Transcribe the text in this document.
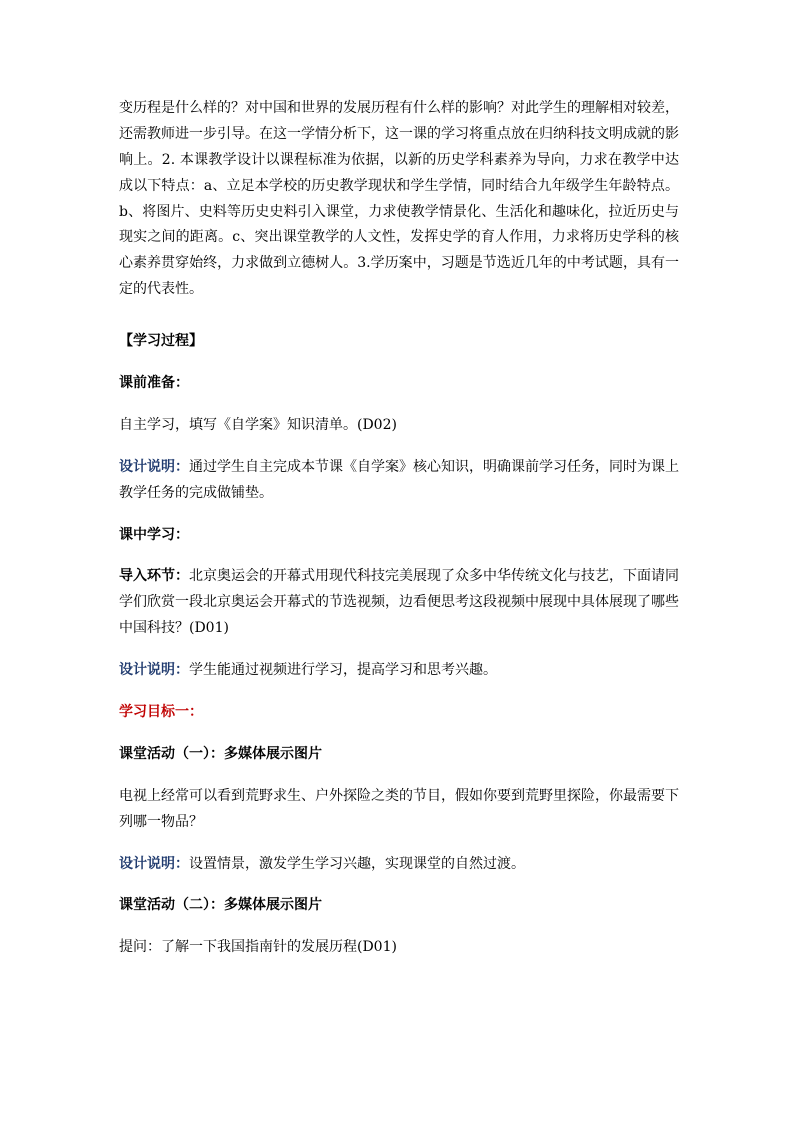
变历程是什么样的？对中国和世界的发展历程有什么样的影响？对此学生的理解相对较差，还需教师进一步引导。在这一学情分析下，这一课的学习将重点放在归纳科技文明成就的影响上。2. 本课教学设计以课程标准为依据，以新的历史学科素养为导向，力求在教学中达成以下特点：a、立足本学校的历史教学现状和学生学情，同时结合九年级学生年龄特点。b、将图片、史料等历史史料引入课堂，力求使教学情景化、生活化和趣味化，拉近历史与现实之间的距离。c、突出课堂教学的人文性，发挥史学的育人作用，力求将历史学科的核心素养贯穿始终，力求做到立德树人。3.学历案中，习题是节选近几年的中考试题，具有一定的代表性。

【学习过程】

课前准备：

自主学习，填写《自学案》知识清单。(D02)

设计说明：通过学生自主完成本节课《自学案》核心知识，明确课前学习任务，同时为课上教学任务的完成做铺垫。

课中学习：

导入环节：北京奥运会的开幕式用现代科技完美展现了众多中华传统文化与技艺，下面请同学们欣赏一段北京奥运会开幕式的节选视频，边看便思考这段视频中展现中具体展现了哪些中国科技？(D01)

设计说明：学生能通过视频进行学习，提高学习和思考兴趣。

学习目标一：

课堂活动（一）：多媒体展示图片

电视上经常可以看到荒野求生、户外探险之类的节目，假如你要到荒野里探险，你最需要下列哪一物品？

设计说明：设置情景，激发学生学习兴趣，实现课堂的自然过渡。

课堂活动（二）：多媒体展示图片

提问：了解一下我国指南针的发展历程(D01)
